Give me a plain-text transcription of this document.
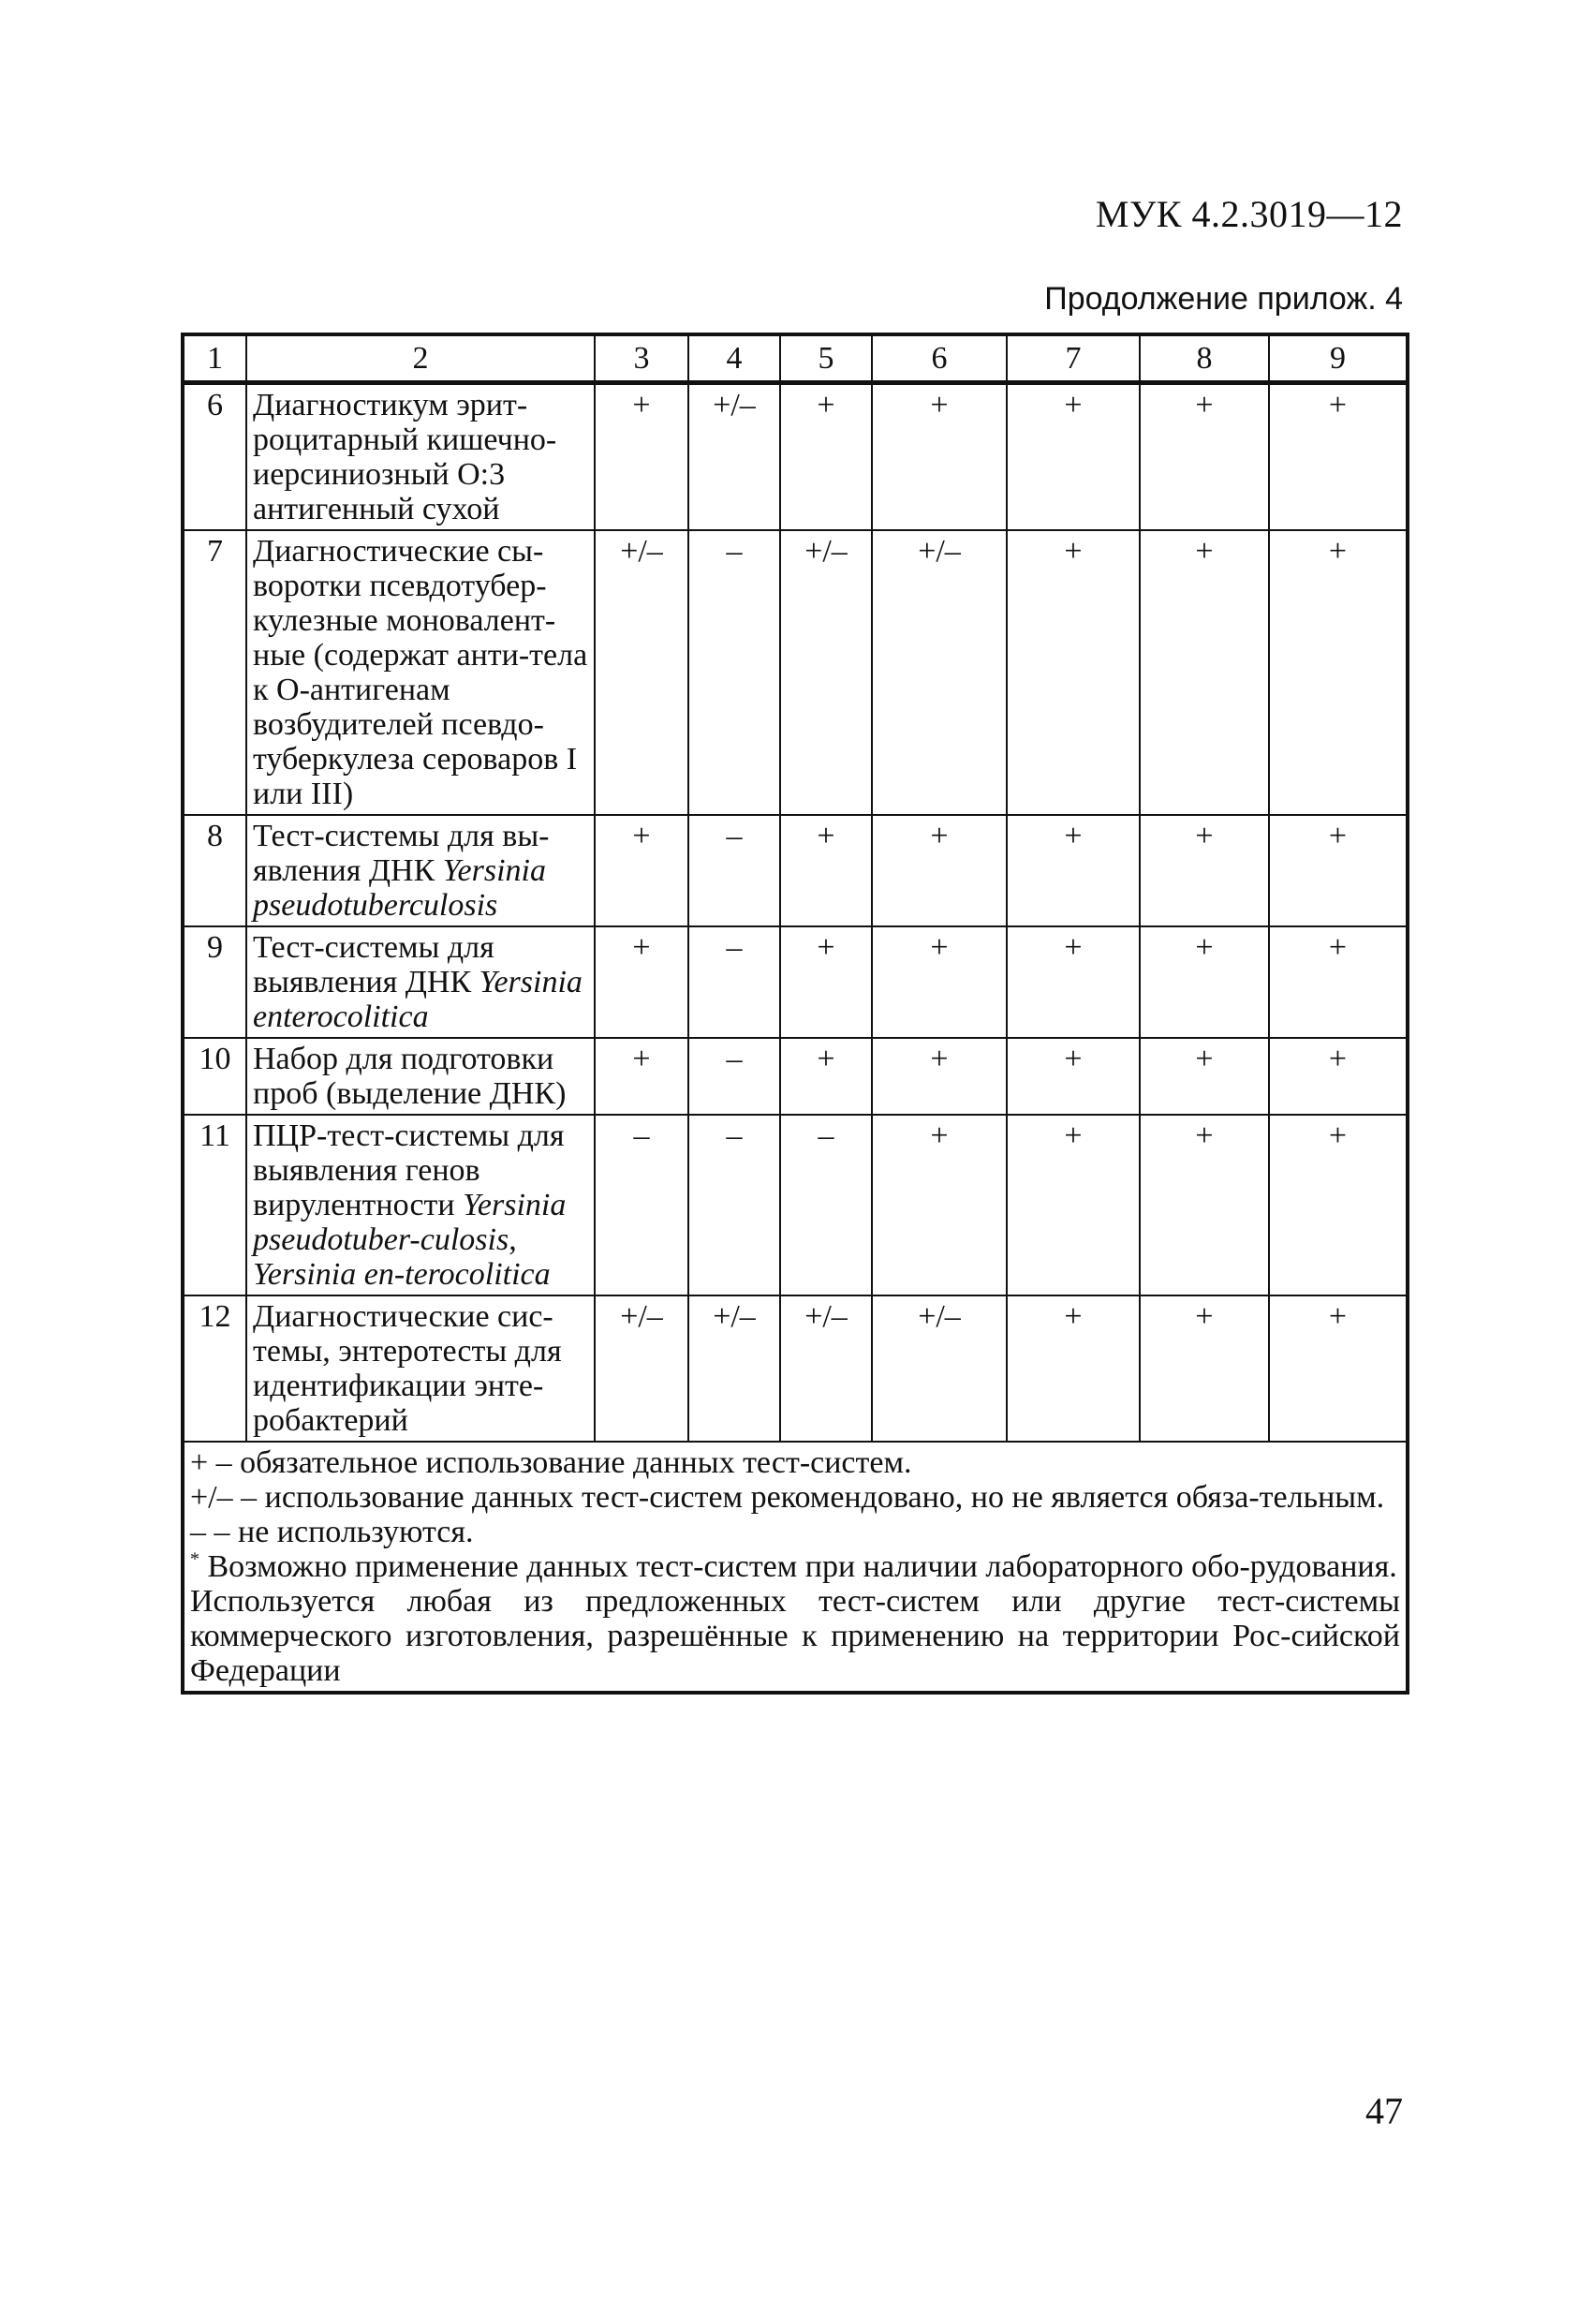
МУК 4.2.3019—12
Продолжение прилож. 4
1	2	3	4	5	6	7	8	9
6	Диагностикум эрит-роцитарный кишечно-иерсиниозный О:3 антигенный сухой	+	+/–	+	+	+	+	+
7	Диагностические сы-воротки псевдотубер-кулезные моновалент-ные (содержат анти-тела к О-антигенам возбудителей псевдо-туберкулеза сероваров I или III)	+/–	–	+/–	+/–	+	+	+
8	Тест-системы для вы-явления ДНК Yersinia pseudotuberculosis	+	–	+	+	+	+	+
9	Тест-системы для выявления ДНК Yersinia enterocolitica	+	–	+	+	+	+	+
10	Набор для подготовки проб (выделение ДНК)	+	–	+	+	+	+	+
11	ПЦР-тест-системы для выявления генов вирулентности Yersinia pseudotuber-culosis, Yersinia en-terocolitica	–	–	–	+	+	+	+
12	Диагностические сис-темы, энтеротесты для идентификации энте-робактерий	+/–	+/–	+/–	+/–	+	+	+

+ – обязательное использование данных тест-систем.
+/– – использование данных тест-систем рекомендовано, но не является обяза-тельным.
– – не используются.
* Возможно применение данных тест-систем при наличии лабораторного обо-рудования.
Используется любая из предложенных тест-систем или другие тест-системы коммерческого изготовления, разрешённые к применению на территории Рос-сийской Федерации								
47
